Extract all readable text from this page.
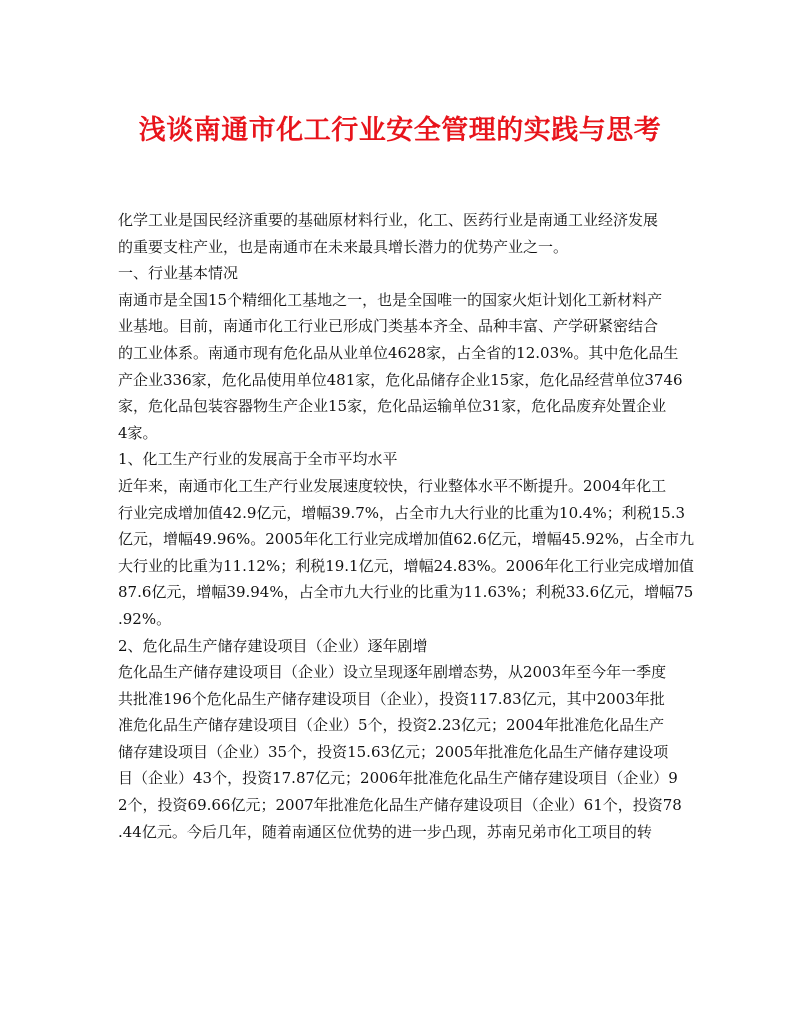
浅谈南通市化工行业安全管理的实践与思考
化学工业是国民经济重要的基础原材料行业，化工、医药行业是南通工业经济发展
的重要支柱产业，也是南通市在未来最具增长潜力的优势产业之一。
一、行业基本情况
南通市是全国15个精细化工基地之一，也是全国唯一的国家火炬计划化工新材料产
业基地。目前，南通市化工行业已形成门类基本齐全、品种丰富、产学研紧密结合
的工业体系。南通市现有危化品从业单位4628家，占全省的12.03%。其中危化品生
产企业336家，危化品使用单位481家，危化品储存企业15家，危化品经营单位3746
家，危化品包装容器物生产企业15家，危化品运输单位31家，危化品废弃处置企业
4家。
1、化工生产行业的发展高于全市平均水平
近年来，南通市化工生产行业发展速度较快，行业整体水平不断提升。2004年化工
行业完成增加值42.9亿元，增幅39.7%，占全市九大行业的比重为10.4%；利税15.3
亿元，增幅49.96%。2005年化工行业完成增加值62.6亿元，增幅45.92%，占全市九
大行业的比重为11.12%；利税19.1亿元，增幅24.83%。2006年化工行业完成增加值
87.6亿元，增幅39.94%，占全市九大行业的比重为11.63%；利税33.6亿元，增幅75
.92%。
2、危化品生产储存建设项目（企业）逐年剧增
危化品生产储存建设项目（企业）设立呈现逐年剧增态势，从2003年至今年一季度
共批准196个危化品生产储存建设项目（企业），投资117.83亿元，其中2003年批
准危化品生产储存建设项目（企业）5个，投资2.23亿元；2004年批准危化品生产
储存建设项目（企业）35个，投资15.63亿元；2005年批准危化品生产储存建设项
目（企业）43个，投资17.87亿元；2006年批准危化品生产储存建设项目（企业）9
2个，投资69.66亿元；2007年批准危化品生产储存建设项目（企业）61个，投资78
.44亿元。今后几年，随着南通区位优势的进一步凸现，苏南兄弟市化工项目的转
